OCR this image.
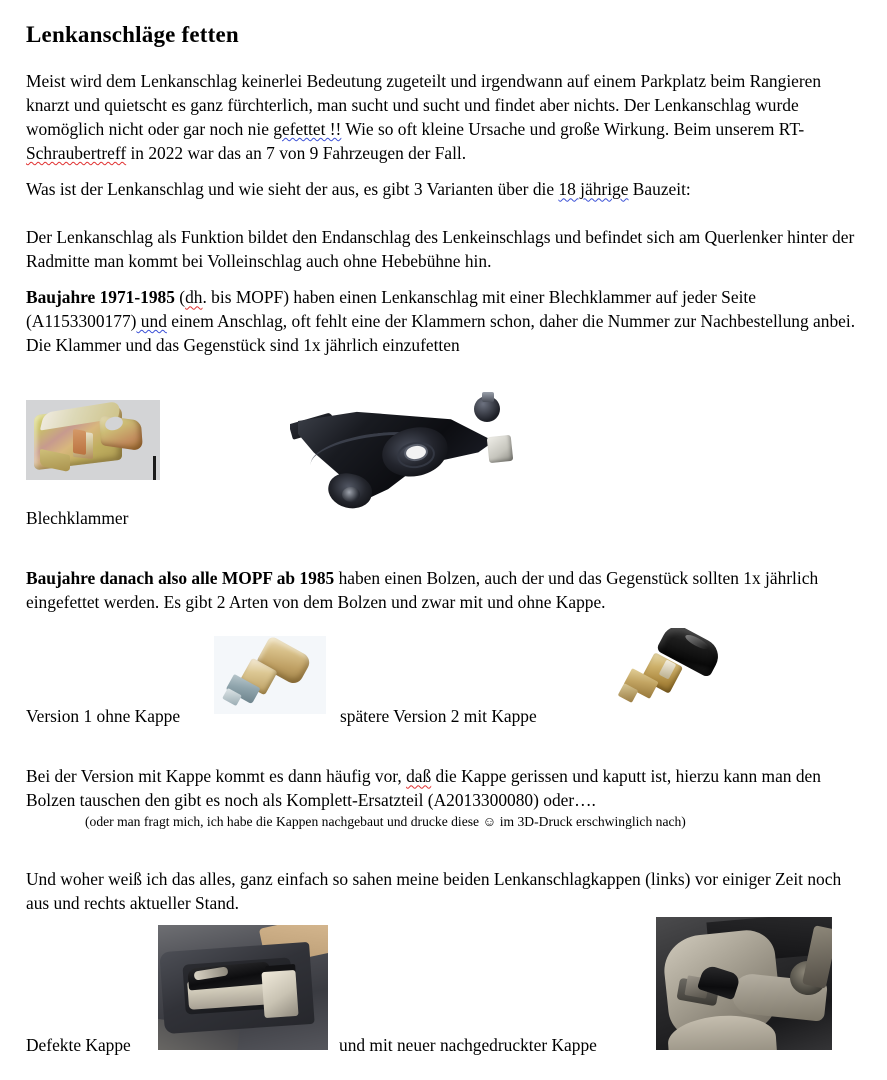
Lenkanschläge fetten

Meist wird dem Lenkanschlag keinerlei Bedeutung zugeteilt und irgendwann auf einem Parkplatz beim Rangieren knarzt und quietscht es ganz fürchterlich, man sucht und sucht und findet aber nichts. Der Lenkanschlag wurde womöglich nicht oder gar noch nie gefettet !! Wie so oft kleine Ursache und große Wirkung. Beim unserem RT-Schraubertreff in 2022 war das an 7 von 9 Fahrzeugen der Fall.

Was ist der Lenkanschlag und wie sieht der aus, es gibt 3 Varianten über die 18 jährige Bauzeit:

Der Lenkanschlag als Funktion bildet den Endanschlag des Lenkeinschlags und befindet sich am Querlenker hinter der Radmitte man kommt bei Volleinschlag auch ohne Hebebühne hin.

Baujahre 1971-1985 (dh. bis MOPF) haben einen Lenkanschlag mit einer Blechklammer auf jeder Seite (A1153300177) und einem Anschlag, oft fehlt eine der Klammern schon, daher die Nummer zur Nachbestellung anbei. Die Klammer und das Gegenstück sind 1x jährlich einzufetten

Blechklammer

Baujahre danach also alle MOPF ab 1985 haben einen Bolzen, auch der und das Gegenstück sollten 1x jährlich eingefettet werden. Es gibt 2 Arten von dem Bolzen und zwar mit und ohne Kappe.

Version 1 ohne Kappe	spätere Version 2 mit Kappe

Bei der Version mit Kappe kommt es dann häufig vor, daß die Kappe gerissen und kaputt ist, hierzu kann man den Bolzen tauschen den gibt es noch als Komplett-Ersatzteil (A2013300080) oder….

(oder man fragt mich, ich habe die Kappen nachgebaut und drucke diese ☺ im 3D-Druck erschwinglich nach)

Und woher weiß ich das alles, ganz einfach so sahen meine beiden Lenkanschlagkappen (links) vor einiger Zeit noch aus und rechts aktueller Stand.

Defekte Kappe	und mit neuer nachgedruckter Kappe
